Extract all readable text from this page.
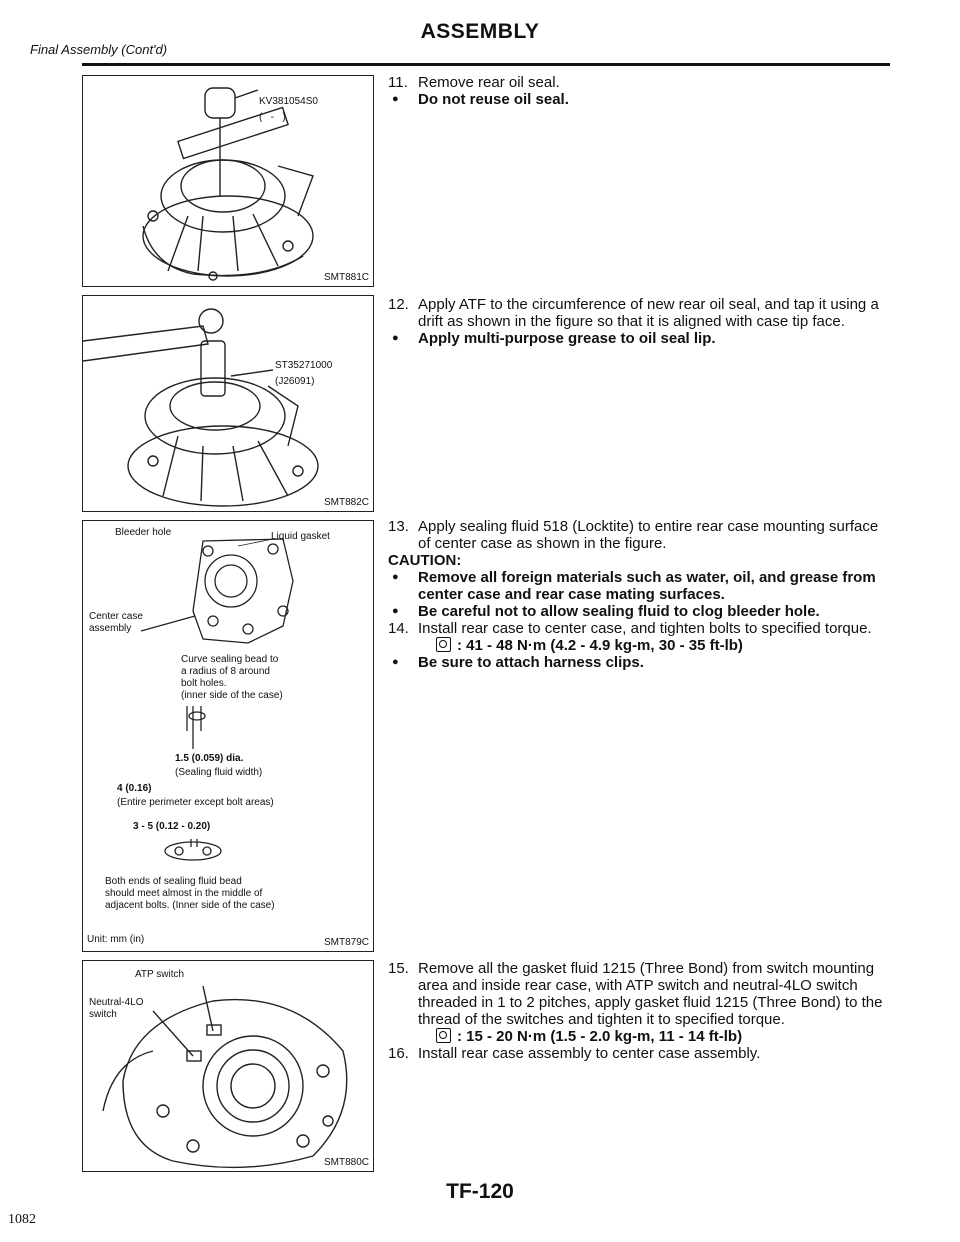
Final Assembly (Cont'd)
ASSEMBLY
KV381054S0
(   -   )
SMT881C
ST35271000
(J26091)
SMT882C
Bleeder hole	Liquid gasket
Center case
assembly
Curve sealing bead to
a radius of 8 around
bolt holes.
(inner side of the case)
1.5 (0.059) dia.
(Sealing fluid width)
4 (0.16)
(Entire perimeter except bolt areas)
3 - 5 (0.12 - 0.20)
Both ends of sealing fluid bead
should meet almost in the middle of
adjacent bolts. (Inner side of the case)
Unit: mm (in)	SMT879C
ATP switch
Neutral-4LO
switch
SMT880C
11. Remove rear oil seal.
● Do not reuse oil seal.
12. Apply ATF to the circumference of new rear oil seal, and tap it using a drift as shown in the figure so that it is aligned with case tip face.
● Apply multi-purpose grease to oil seal lip.
13. Apply sealing fluid 518 (Locktite) to entire rear case mounting surface of center case as shown in the figure.
CAUTION:
● Remove all foreign materials such as water, oil, and grease from center case and rear case mating surfaces.
● Be careful not to allow sealing fluid to clog bleeder hole.
14. Install rear case to center case, and tighten bolts to specified torque.
: 41 - 48 N·m (4.2 - 4.9 kg-m, 30 - 35 ft-lb)
● Be sure to attach harness clips.
15. Remove all the gasket fluid 1215 (Three Bond) from switch mounting area and inside rear case, with ATP switch and neutral-4LO switch threaded in 1 to 2 pitches, apply gasket fluid 1215 (Three Bond) to the thread of the switches and tighten it to specified torque.
: 15 - 20 N·m (1.5 - 2.0 kg-m, 11 - 14 ft-lb)
16. Install rear case assembly to center case assembly.
TF-120
1082
